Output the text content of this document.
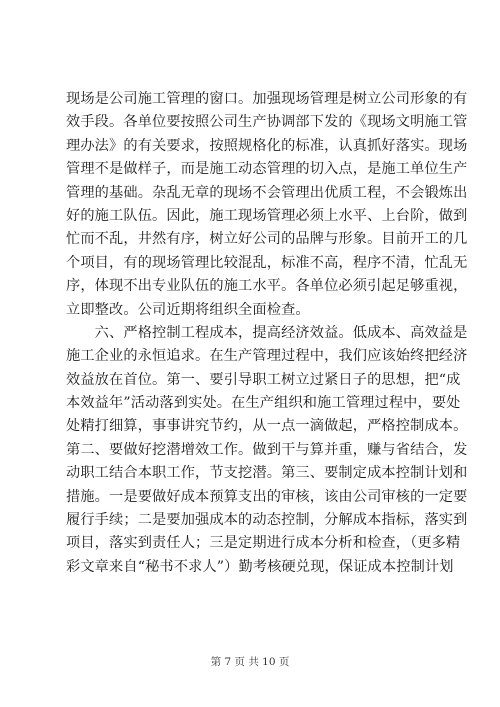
现场是公司施工管理的窗口。加强现场管理是树立公司形象的有
效手段。各单位要按照公司生产协调部下发的《现场文明施工管
理办法》的有关要求，按照规格化的标准，认真抓好落实。现场
管理不是做样子，而是施工动态管理的切入点，是施工单位生产
管理的基础。杂乱无章的现场不会管理出优质工程，不会锻炼出
好的施工队伍。因此，施工现场管理必须上水平、上台阶，做到
忙而不乱，井然有序，树立好公司的品牌与形象。目前开工的几
个项目，有的现场管理比较混乱，标准不高，程序不清，忙乱无
序，体现不出专业队伍的施工水平。各单位必须引起足够重视，
立即整改。公司近期将组织全面检查。
　　六、严格控制工程成本，提高经济效益。低成本、高效益是
施工企业的永恒追求。在生产管理过程中，我们应该始终把经济
效益放在首位。第一、要引导职工树立过紧日子的思想，把“成
本效益年”活动落到实处。在生产组织和施工管理过程中，要处
处精打细算，事事讲究节约，从一点一滴做起，严格控制成本。
第二、要做好挖潜增效工作。做到干与算并重，赚与省结合，发
动职工结合本职工作，节支挖潜。第三、要制定成本控制计划和
措施。一是要做好成本预算支出的审核，该由公司审核的一定要
履行手续；二是要加强成本的动态控制，分解成本指标，落实到
项目，落实到责任人；三是定期进行成本分析和检查，（更多精
彩文章来自“秘书不求人”）勤考核硬兑现，保证成本控制计划
第 7 页 共 10 页
